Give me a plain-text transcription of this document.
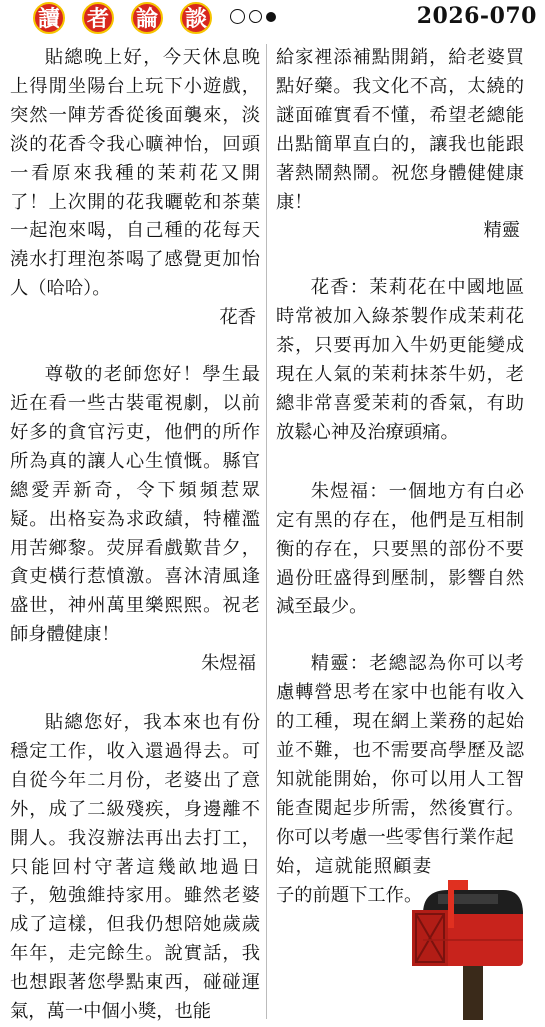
讀 者 論 談	2026-070

貼總晚上好，今天休息晚上得閒坐陽台上玩下小遊戲，突然一陣芳香從後面襲來，淡淡的花香令我心曠神怡，回頭一看原來我種的茉莉花又開了！上次開的花我曬乾和茶葉一起泡來喝，自己種的花每天澆水打理泡茶喝了感覺更加怡人（哈哈）。

花香

尊敬的老師您好！學生最近在看一些古裝電視劇，以前好多的貪官污吏，他們的所作所為真的讓人心生憤慨。縣官總愛弄新奇，令下頻頻惹眾疑。出格妄為求政績，特權濫用苦鄉黎。荧屏看戲歎昔夕，貪吏橫行惹憤激。喜沐清風逢盛世，神州萬里樂熙熙。祝老師身體健康！

朱煜福

貼總您好，我本來也有份穩定工作，收入還過得去。可自從今年二月份，老婆出了意外，成了二級殘疾，身邊離不開人。我沒辦法再出去打工，只能回村守著這幾畝地過日子，勉強維持家用。雖然老婆成了這樣，但我仍想陪她歲歲年年，走完餘生。說實話，我也想跟著您學點東西，碰碰運氣，萬一中個小獎，也能

給家裡添補點開銷，給老婆買點好藥。我文化不高，太繞的謎面確實看不懂，希望老總能出點簡單直白的，讓我也能跟著熱鬧熱鬧。祝您身體健健康康！

精靈

花香：茉莉花在中國地區時常被加入綠茶製作成茉莉花茶，只要再加入牛奶更能變成現在人氣的茉莉抹茶牛奶，老總非常喜愛茉莉的香氣，有助放鬆心神及治療頭痛。

朱煜福：一個地方有白必定有黑的存在，他們是互相制衡的存在，只要黑的部份不要過份旺盛得到壓制，影響自然減至最少。

精靈：老總認為你可以考慮轉營思考在家中也能有收入的工種，現在網上業務的起始並不難，也不需要高學歷及認知就能開始，你可以用人工智能查閱起步所需，然後實行。你可以考慮一些零售行業作起

始，這就能照顧妻子的前題下工作。
